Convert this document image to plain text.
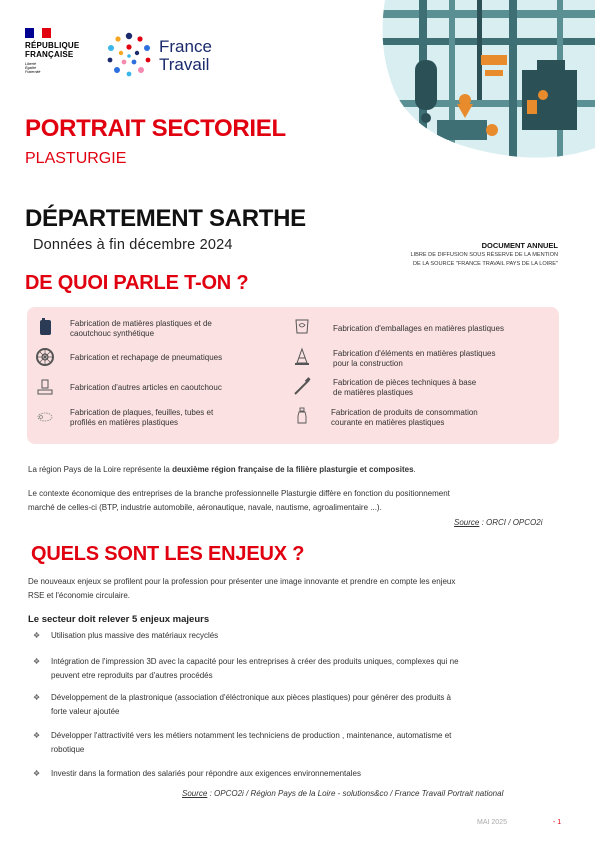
RÉPUBLIQUE
FRANÇAISE
Liberté
Égalité
Fraternité
France
Travail
PORTRAIT SECTORIEL
PLASTURGIE
DÉPARTEMENT SARTHE
Données à fin décembre 2024	DOCUMENT ANNUEL
LIBRE DE DIFFUSION SOUS RÉSERVE DE LA MENTION
DE LA SOURCE "FRANCE TRAVAIL PAYS DE LA LOIRE"
DE QUOI PARLE T-ON ?
Fabrication de matières plastiques et de
caoutchouc synthétique
Fabrication et rechapage de pneumatiques
Fabrication d'autres articles en caoutchouc
Fabrication de plaques, feuilles, tubes et
profilés en matières plastiques
Fabrication d'emballages en matières plastiques
Fabrication d'éléments en matières plastiques
pour la construction
Fabrication de pièces techniques à base
de matières plastiques
Fabrication de produits de consommation
courante en matières plastiques
La région Pays de la Loire représente la deuxième région française de la filière plasturgie et composites.
Le contexte économique des entreprises de la branche professionnelle Plasturgie diffère en fonction du positionnement
marché de celles-ci (BTP, industrie automobile, aéronautique, navale, nautisme, agroalimentaire ...).
Source : ORCI / OPCO2i
QUELS SONT LES ENJEUX ?
De nouveaux enjeux se profilent pour la profession pour présenter une image innovante et prendre en compte les enjeux
RSE et l'économie circulaire.
Le secteur doit relever 5 enjeux majeurs
❖	Utilisation plus massive des matériaux recyclés
❖	Intégration de l'impression 3D avec la capacité pour les entreprises à créer des produits uniques, complexes qui ne
peuvent etre reproduits par d'autres procédés
❖	Développement de la plastronique (association d'éléctronique aux pièces plastiques) pour générer des produits à
forte valeur ajoutée
❖	Développer l'attractivité vers les métiers notamment les techniciens de production , maintenance, automatisme et
robotique
❖	Investir dans la formation des salariés pour répondre aux exigences environnementales
Source : OPCO2i / Région Pays de la Loire - solutions&co / France Travail Portrait national
MAI 2025	- 1
